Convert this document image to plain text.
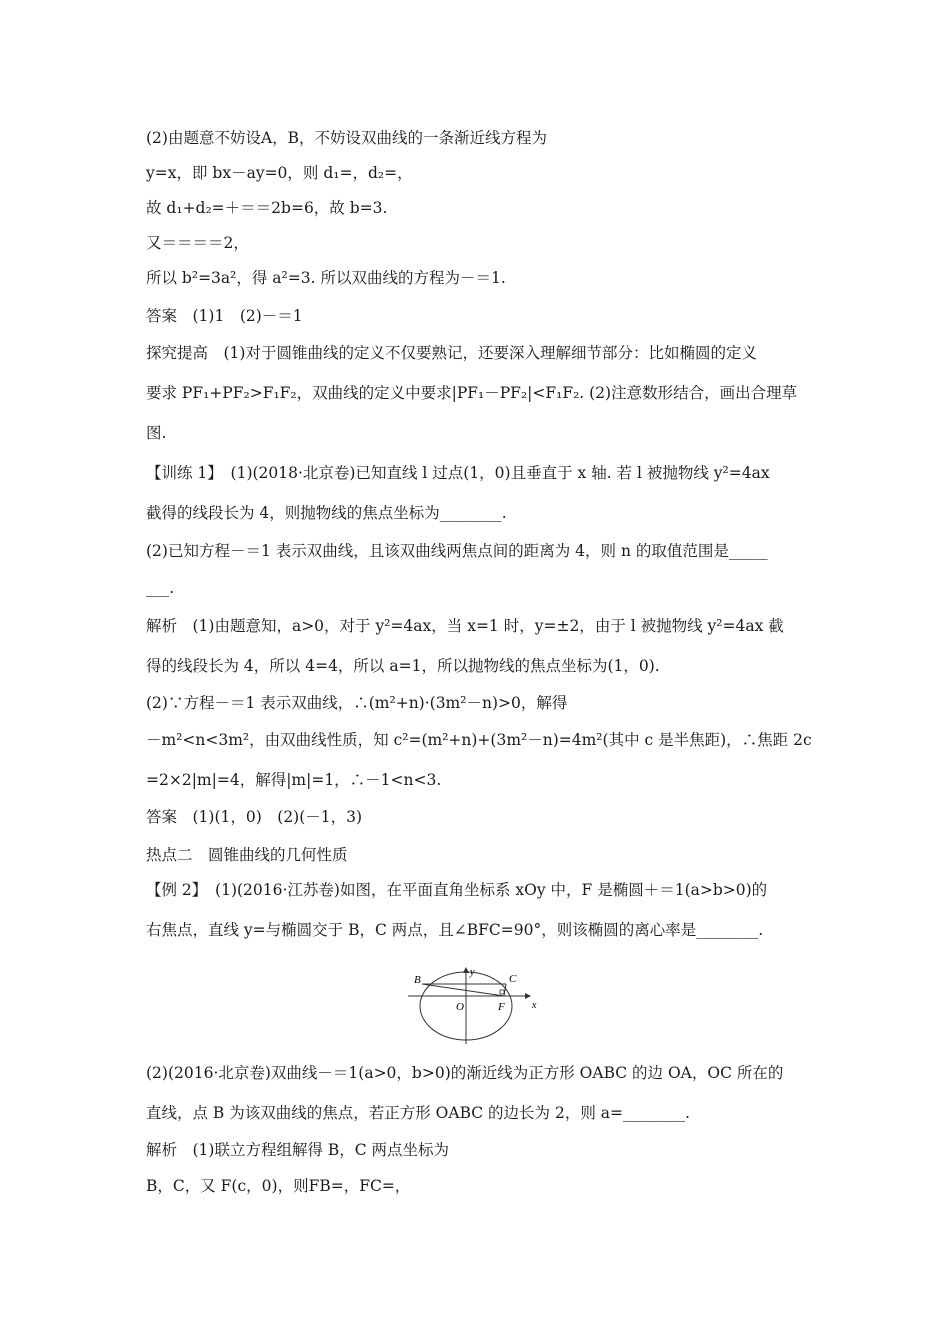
(2)由题意不妨设A，B，不妨设双曲线的一条渐近线方程为
y=x，即 bx－ay=0，则 d₁=，d₂=，
故 d₁+d₂=＋＝＝2b=6，故 b=3.
又＝＝＝＝2，
所以 b²=3a²，得 a²=3. 所以双曲线的方程为－＝1.
答案　(1)1　(2)－＝1
探究提高　(1)对于圆锥曲线的定义不仅要熟记，还要深入理解细节部分：比如椭圆的定义
要求 PF₁+PF₂>F₁F₂，双曲线的定义中要求|PF₁－PF₂|<F₁F₂. (2)注意数形结合，画出合理草
图.
【训练 1】　(1)(2018·北京卷)已知直线 l 过点(1，0)且垂直于 x 轴. 若 l 被抛物线 y²=4ax
截得的线段长为 4，则抛物线的焦点坐标为________.
(2)已知方程－＝1 表示双曲线，且该双曲线两焦点间的距离为 4，则 n 的取值范围是_____
___.
解析　(1)由题意知，a>0，对于 y²=4ax，当 x=1 时，y=±2，由于 l 被抛物线 y²=4ax 截
得的线段长为 4，所以 4=4，所以 a=1，所以抛物线的焦点坐标为(1，0).
(2)∵方程－＝1 表示双曲线，∴(m²+n)·(3m²－n)>0，解得
－m²<n<3m²，由双曲线性质，知 c²=(m²+n)+(3m²－n)=4m²(其中 c 是半焦距)，∴焦距 2c
=2×2|m|=4，解得|m|=1，∴－1<n<3.
答案　(1)(1，0)　(2)(－1，3)
热点二　圆锥曲线的几何性质
【例 2】　(1)(2016·江苏卷)如图，在平面直角坐标系 xOy 中，F 是椭圆＋＝1(a>b>0)的
右焦点，直线 y=与椭圆交于 B，C 两点，且∠BFC=90°，则该椭圆的离心率是________.
y
x
B	C
O	F
(2)(2016·北京卷)双曲线－＝1(a>0，b>0)的渐近线为正方形 OABC 的边 OA，OC 所在的
直线，点 B 为该双曲线的焦点，若正方形 OABC 的边长为 2，则 a=________.
解析　(1)联立方程组解得 B，C 两点坐标为
B，C，又 F(c，0)，则FB=，FC=，
